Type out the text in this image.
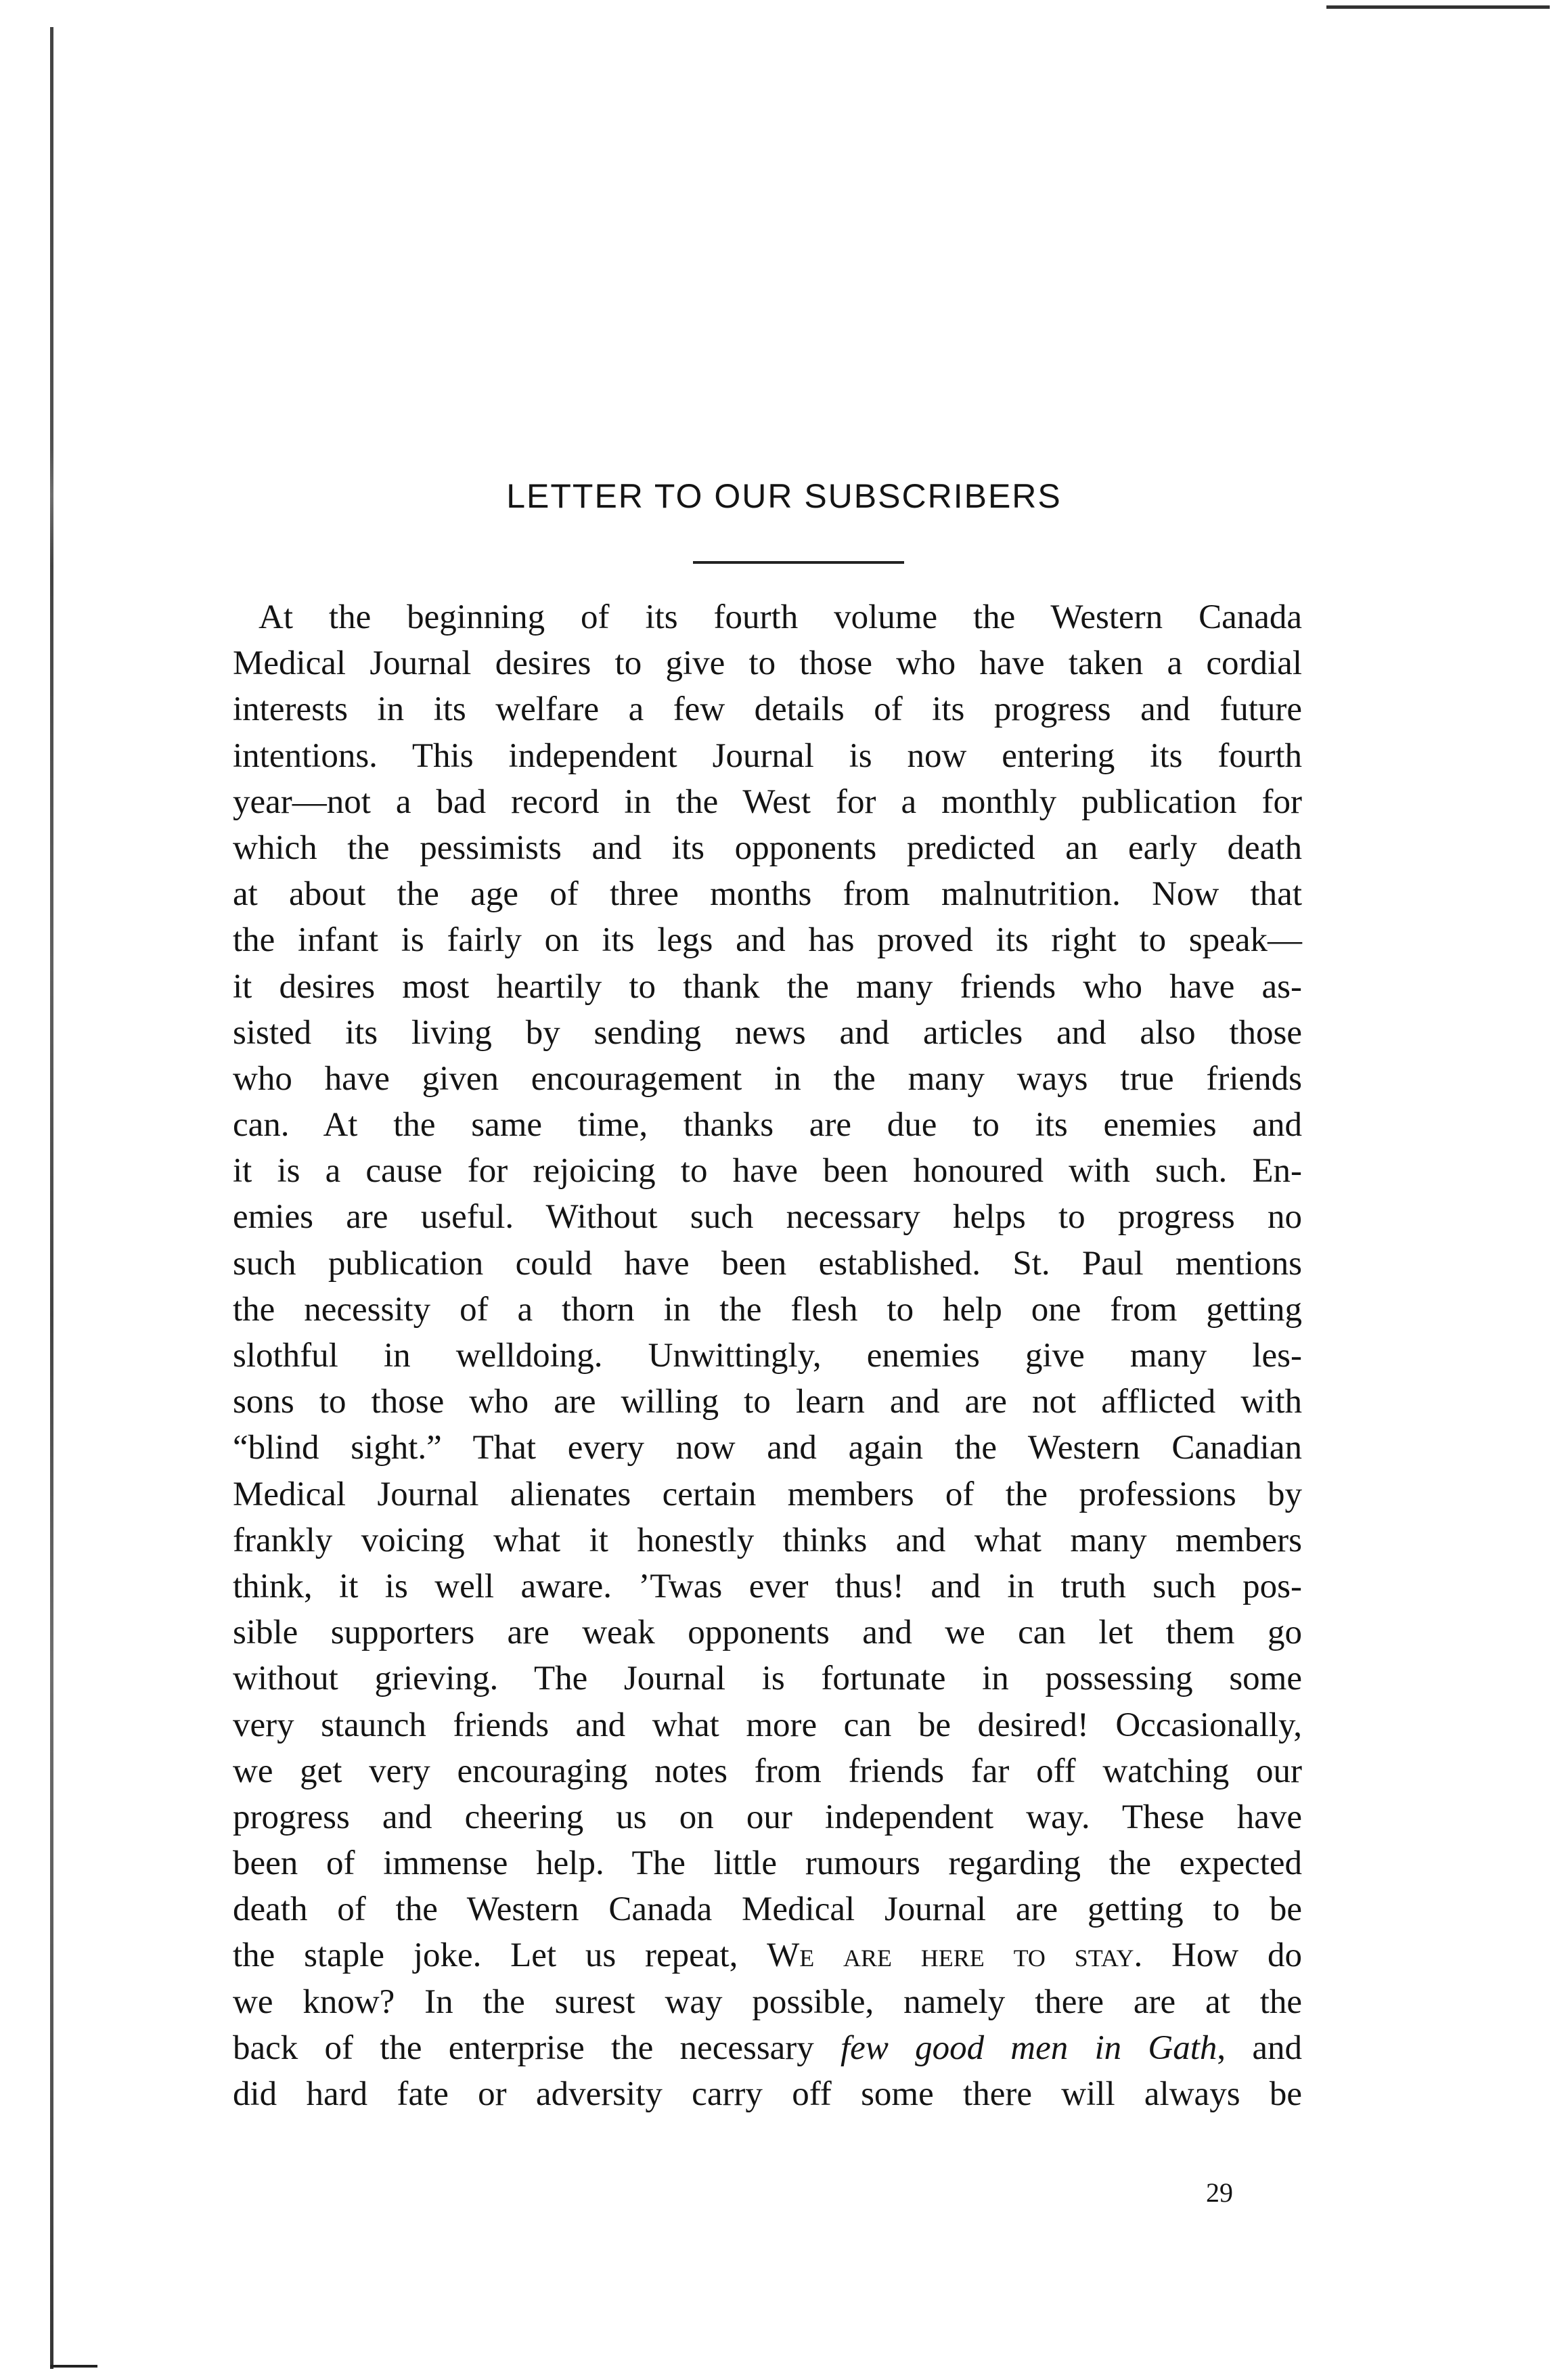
LETTER TO OUR SUBSCRIBERS
At the beginning of its fourth volume the Western Canada
Medical Journal desires to give to those who have taken a cordial
interests in its welfare a few details of its progress and future
intentions. This independent Journal is now entering its fourth
year—not a bad record in the West for a monthly publication for
which the pessimists and its opponents predicted an early death
at about the age of three months from malnutrition. Now that
the infant is fairly on its legs and has proved its right to speak—
it desires most heartily to thank the many friends who have as-
sisted its living by sending news and articles and also those
who have given encouragement in the many ways true friends
can. At the same time, thanks are due to its enemies and
it is a cause for rejoicing to have been honoured with such. En-
emies are useful. Without such necessary helps to progress no
such publication could have been established. St. Paul mentions
the necessity of a thorn in the flesh to help one from getting
slothful in welldoing. Unwittingly, enemies give many les-
sons to those who are willing to learn and are not afflicted with
“blind sight.” That every now and again the Western Canadian
Medical Journal alienates certain members of the professions by
frankly voicing what it honestly thinks and what many members
think, it is well aware. ’Twas ever thus! and in truth such pos-
sible supporters are weak opponents and we can let them go
without grieving. The Journal is fortunate in possessing some
very staunch friends and what more can be desired! Occasionally,
we get very encouraging notes from friends far off watching our
progress and cheering us on our independent way. These have
been of immense help. The little rumours regarding the expected
death of the Western Canada Medical Journal are getting to be
the staple joke. Let us repeat, We are here to stay. How do
we know? In the surest way possible, namely there are at the
back of the enterprise the necessary few good men in Gath, and
did hard fate or adversity carry off some there will always be
29
